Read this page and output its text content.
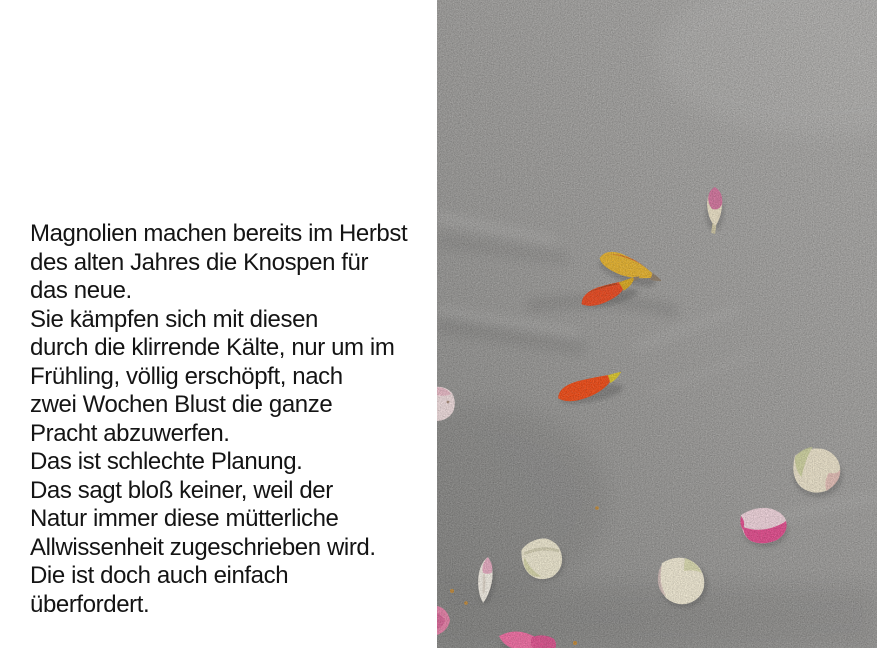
Magnolien machen bereits im Herbst
des alten Jahres die Knospen für
das neue.
Sie kämpfen sich mit diesen
durch die klirrende Kälte, nur um im
Frühling, völlig erschöpft, nach
zwei Wochen Blust die ganze
Pracht abzuwerfen.
Das ist schlechte Planung.
Das sagt bloß keiner, weil der
Natur immer diese mütterliche
Allwissenheit zugeschrieben wird.
Die ist doch auch einfach
überfordert.
